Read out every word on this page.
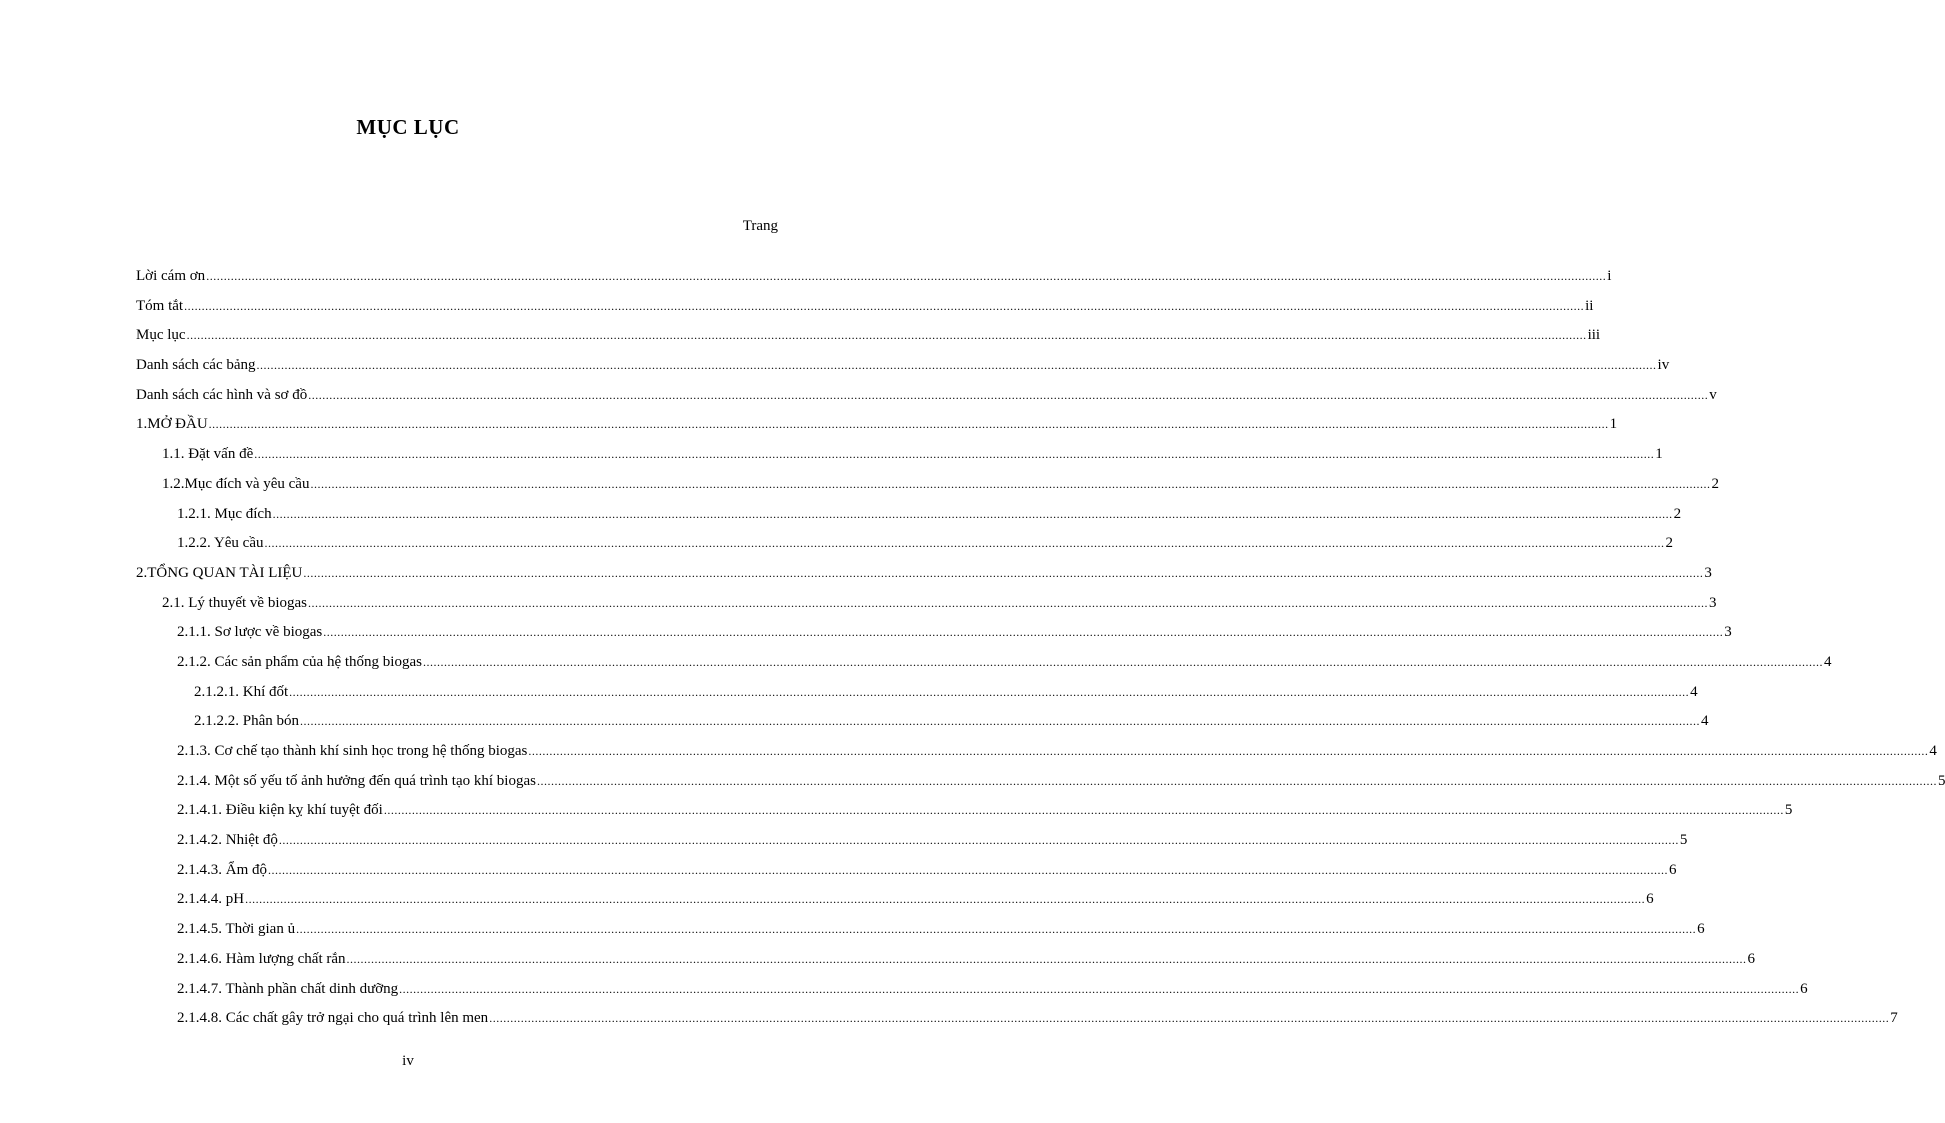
MỤC LỤC
Trang
Lời cám ơn ................................................................................................................................................................................................................................................................................................................................................................................................................ i
Tóm tắt ................................................................................................................................................................................................................................................................................................................................................................................................................ ii
Mục lục ................................................................................................................................................................................................................................................................................................................................................................................................................ iii
Danh sách các bảng ................................................................................................................................................................................................................................................................................................................................................................................................................ iv
Danh sách các hình và sơ đồ ................................................................................................................................................................................................................................................................................................................................................................................................................ v
1.MỞ ĐẦU ................................................................................................................................................................................................................................................................................................................................................................................................................ 1
1.1. Đặt vấn đề ................................................................................................................................................................................................................................................................................................................................................................................................................ 1
1.2.Mục đích và yêu cầu ................................................................................................................................................................................................................................................................................................................................................................................................................ 2
1.2.1. Mục đích ................................................................................................................................................................................................................................................................................................................................................................................................................ 2
1.2.2. Yêu cầu ................................................................................................................................................................................................................................................................................................................................................................................................................ 2
2.TỔNG QUAN TÀI LIỆU ................................................................................................................................................................................................................................................................................................................................................................................................................ 3
2.1. Lý thuyết về biogas ................................................................................................................................................................................................................................................................................................................................................................................................................ 3
2.1.1. Sơ lược về biogas ................................................................................................................................................................................................................................................................................................................................................................................................................ 3
2.1.2. Các sản phẩm của hệ thống biogas ................................................................................................................................................................................................................................................................................................................................................................................................................ 4
2.1.2.1. Khí đốt ................................................................................................................................................................................................................................................................................................................................................................................................................ 4
2.1.2.2. Phân bón ................................................................................................................................................................................................................................................................................................................................................................................................................ 4
2.1.3. Cơ chế tạo thành khí sinh học trong hệ thống biogas ................................................................................................................................................................................................................................................................................................................................................................................................................ 4
2.1.4. Một số yếu tố ảnh hưởng đến quá trình tạo khí biogas ................................................................................................................................................................................................................................................................................................................................................................................................................ 5
2.1.4.1. Điều kiện kỵ khí tuyệt đối ................................................................................................................................................................................................................................................................................................................................................................................................................ 5
2.1.4.2. Nhiệt độ ................................................................................................................................................................................................................................................................................................................................................................................................................ 5
2.1.4.3. Ẩm độ ................................................................................................................................................................................................................................................................................................................................................................................................................ 6
2.1.4.4. pH ................................................................................................................................................................................................................................................................................................................................................................................................................ 6
2.1.4.5. Thời gian ủ ................................................................................................................................................................................................................................................................................................................................................................................................................ 6
2.1.4.6. Hàm lượng chất rắn ................................................................................................................................................................................................................................................................................................................................................................................................................ 6
2.1.4.7. Thành phần chất dinh dưỡng ................................................................................................................................................................................................................................................................................................................................................................................................................ 6
2.1.4.8. Các chất gây trở ngại cho quá trình lên men ................................................................................................................................................................................................................................................................................................................................................................................................................ 7
iv
